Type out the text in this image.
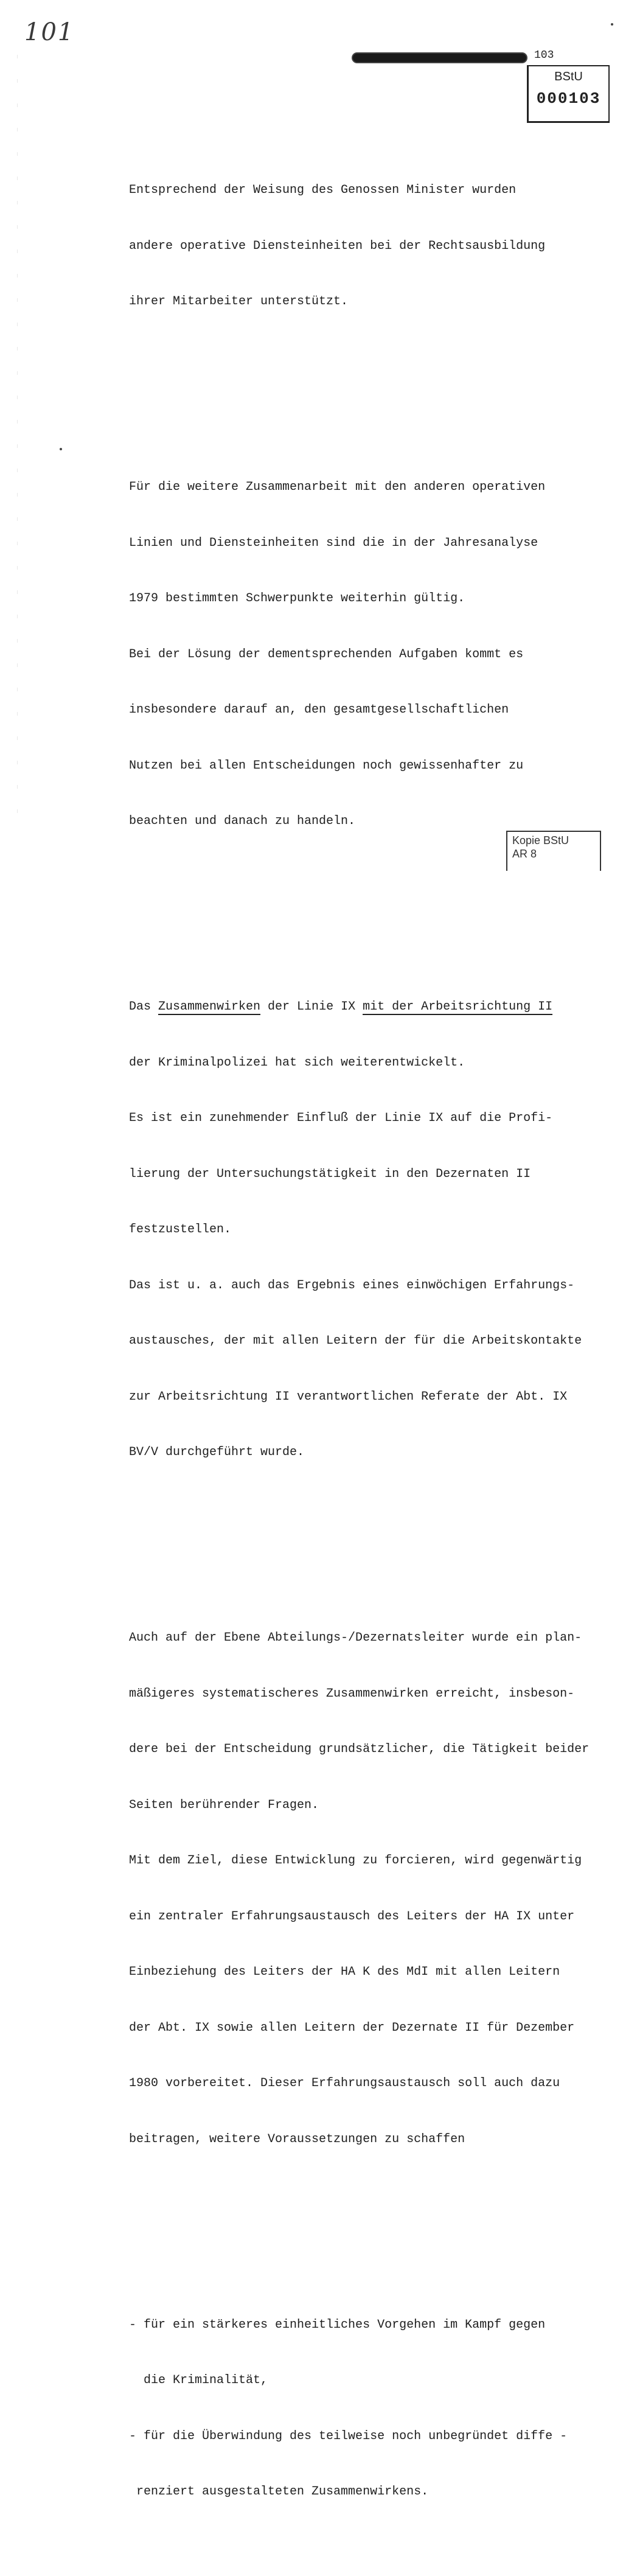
101
103
BStU
000103

Entsprechend der Weisung des Genossen Minister wurden

andere operative Diensteinheiten bei der Rechtsausbildung

ihrer Mitarbeiter unterstützt.

Für die weitere Zusammenarbeit mit den anderen operativen

Linien und Diensteinheiten sind die in der Jahresanalyse

1979 bestimmten Schwerpunkte weiterhin gültig.

Bei der Lösung der dementsprechenden Aufgaben kommt es

insbesondere darauf an, den gesamtgesellschaftlichen

Nutzen bei allen Entscheidungen noch gewissenhafter zu

beachten und danach zu handeln.

Das Zusammenwirken der Linie IX mit der Arbeitsrichtung II

der Kriminalpolizei hat sich weiterentwickelt.

Es ist ein zunehmender Einfluß der Linie IX auf die Profi-

lierung der Untersuchungstätigkeit in den Dezernaten II

festzustellen.

Das ist u. a. auch das Ergebnis eines einwöchigen Erfahrungs-

austausches, der mit allen Leitern der für die Arbeitskontakte

zur Arbeitsrichtung II verantwortlichen Referate der Abt. IX

BV/V durchgeführt wurde.

Auch auf der Ebene Abteilungs-/Dezernatsleiter wurde ein plan-

mäßigeres systematischeres Zusammenwirken erreicht, insbeson-

dere bei der Entscheidung grundsätzlicher, die Tätigkeit beider

Seiten berührender Fragen.

Mit dem Ziel, diese Entwicklung zu forcieren, wird gegenwärtig

ein zentraler Erfahrungsaustausch des Leiters der HA IX unter

Einbeziehung des Leiters der HA K des MdI mit allen Leitern

der Abt. IX sowie allen Leitern der Dezernate II für Dezember

1980 vorbereitet. Dieser Erfahrungsaustausch soll auch dazu

beitragen, weitere Voraussetzungen zu schaffen

- für ein stärkeres einheitliches Vorgehen im Kampf gegen

die Kriminalität,

- für die Überwindung des teilweise noch unbegründet diffe -

renziert ausgestalteten Zusammenwirkens.

Kopie BStU
AR 8
